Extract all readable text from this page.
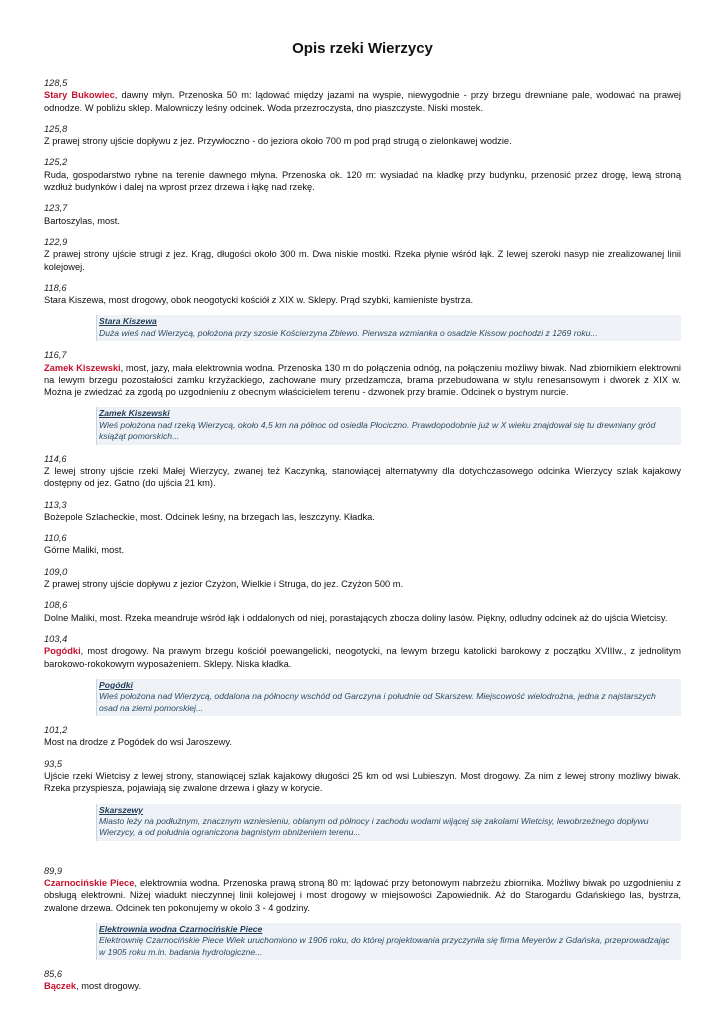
Opis rzeki Wierzycy
128,5
Stary Bukowiec, dawny młyn. Przenoska 50 m: lądować między jazami na wyspie, niewygodnie - przy brzegu drewniane pale, wodować na prawej odnodze. W pobliżu sklep. Malowniczy leśny odcinek. Woda przezroczysta, dno piaszczyste. Niski mostek.
125,8
Z prawej strony ujście dopływu z jez. Przywłoczno - do jeziora około 700 m pod prąd strugą o zielonkawej wodzie.
125,2
Ruda, gospodarstwo rybne na terenie dawnego młyna. Przenoska ok. 120 m: wysiadać na kładkę przy budynku, przenosić przez drogę, lewą stroną wzdłuż budynków i dalej na wprost przez drzewa i łąkę nad rzekę.
123,7
Bartoszylas, most.
122,9
Z prawej strony ujście strugi z jez. Krąg, długości około 300 m. Dwa niskie mostki. Rzeka płynie wśród łąk. Z lewej szeroki nasyp nie zrealizowanej linii kolejowej.
118,6
Stara Kiszewa, most drogowy, obok neogotycki kościół z XIX w. Sklepy. Prąd szybki, kamieniste bystrza.
Stara Kiszewa
Duża wieś nad Wierzycą, położona przy szosie Kościerzyna Zblewo. Pierwsza wzmianka o osadzie Kissow pochodzi z 1269 roku...
116,7
Zamek Kiszewski, most, jazy, mała elektrownia wodna. Przenoska 130 m do połączenia odnóg, na połączeniu możliwy biwak. Nad zbiornikiem elektrowni na lewym brzegu pozostałości zamku krzyżackiego, zachowane mury przedzamcza, brama przebudowana w stylu renesansowym i dworek z XIX w. Można je zwiedzać za zgodą po uzgodnieniu z obecnym właścicielem terenu - dzwonek przy bramie. Odcinek o bystrym nurcie.
Zamek Kiszewski
Wieś położona nad rzeką Wierzycą, około 4,5 km na północ od osiedla Płociczno. Prawdopodobnie już w X wieku znajdował się tu drewniany gród książąt pomorskich...
114,6
Z lewej strony ujście rzeki Małej Wierzycy, zwanej też Kaczynką, stanowiącej alternatywny dla dotychczasowego odcinka Wierzycy szlak kajakowy dostępny od jez. Gatno (do ujścia 21 km).
113,3
Bożepole Szlacheckie, most. Odcinek leśny, na brzegach las, leszczyny. Kładka.
110,6
Górne Maliki, most.
109,0
Z prawej strony ujście dopływu z jezior Czyżon, Wielkie i Struga, do jez. Czyżon 500 m.
108,6
Dolne Maliki, most. Rzeka meandruje wśród łąk i oddalonych od niej, porastających zbocza doliny lasów. Piękny, odludny odcinek aż do ujścia Wietcisy.
103,4
Pogódki, most drogowy. Na prawym brzegu kościół poewangelicki, neogotycki, na lewym brzegu katolicki barokowy z początku XVIIIw., z jednolitym barokowo-rokokowym wyposażeniem. Sklepy. Niska kładka.
Pogódki
Wieś położona nad Wierzycą, oddalona na północny wschód od Garczyna i południe od Skarszew. Miejscowość wielodrożna, jedna z najstarszych osad na ziemi pomorskiej...
101,2
Most na drodze z Pogódek do wsi Jaroszewy.
93,5
Ujście rzeki Wietcisy z lewej strony, stanowiącej szlak kajakowy długości 25 km od wsi Lubieszyn. Most drogowy. Za nim z lewej strony możliwy biwak. Rzeka przyspiesza, pojawiają się zwalone drzewa i głazy w korycie.
Skarszewy
Miasto leży na podłużnym, znacznym wzniesieniu, oblanym od północy i zachodu wodami wijącej się zakolami Wietcisy, lewobrzeżnego dopływu Wierzycy, a od południa ograniczona bagnistym obniżeniem terenu...
89,9
Czarnocińskie Piece, elektrownia wodna. Przenoska prawą stroną 80 m: lądować przy betonowym nabrzeżu zbiornika. Możliwy biwak po uzgodnieniu z obsługą elektrowni. Niżej wiadukt nieczynnej linii kolejowej i most drogowy w miejsowości Zapowiednik. Aż do Starogardu Gdańskiego las, bystrza, zwalone drzewa. Odcinek ten pokonujemy w okolo 3 - 4 godziny.
Elektrownia wodna Czarnocińskie Piece
Elektrownię Czarnocińskie Piece Wiek uruchomiono w 1906 roku, do której projektowania przyczyniła się firma Meyerów z Gdańska, przeprowadzając w 1905 roku m.in. badania hydrologiczne...
85,6
Bączek, most drogowy.
